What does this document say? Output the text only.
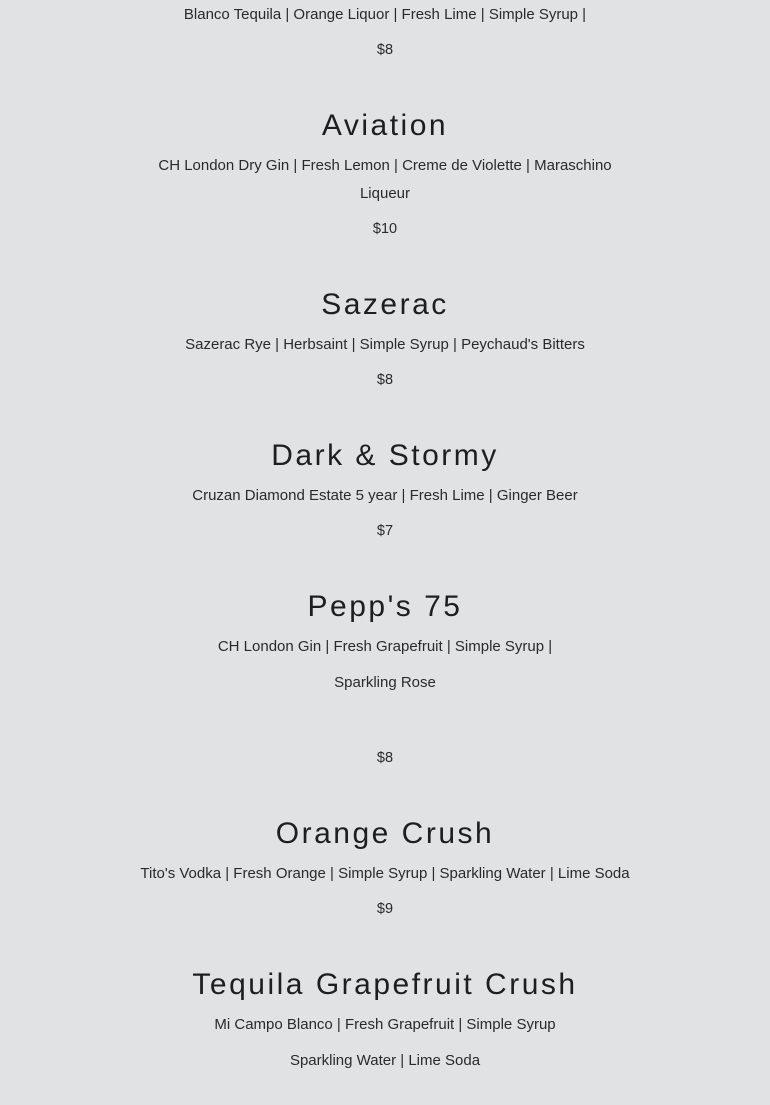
Blanco Tequila | Orange Liquor | Fresh Lime | Simple Syrup |

$8

Aviation

CH London Dry Gin | Fresh Lemon | Creme de Violette | Maraschino

Liqueur

$10

Sazerac

Sazerac Rye | Herbsaint | Simple Syrup | Peychaud's Bitters

$8

Dark & Stormy

Cruzan Diamond Estate 5 year | Fresh Lime | Ginger Beer

$7

Pepp's 75

CH London Gin | Fresh Grapefruit | Simple Syrup |

Sparkling Rose

$8

Orange Crush

Tito's Vodka | Fresh Orange | Simple Syrup | Sparkling Water | Lime Soda

$9

Tequila Grapefruit Crush

Mi Campo Blanco | Fresh Grapefruit | Simple Syrup

Sparkling Water | Lime Soda
